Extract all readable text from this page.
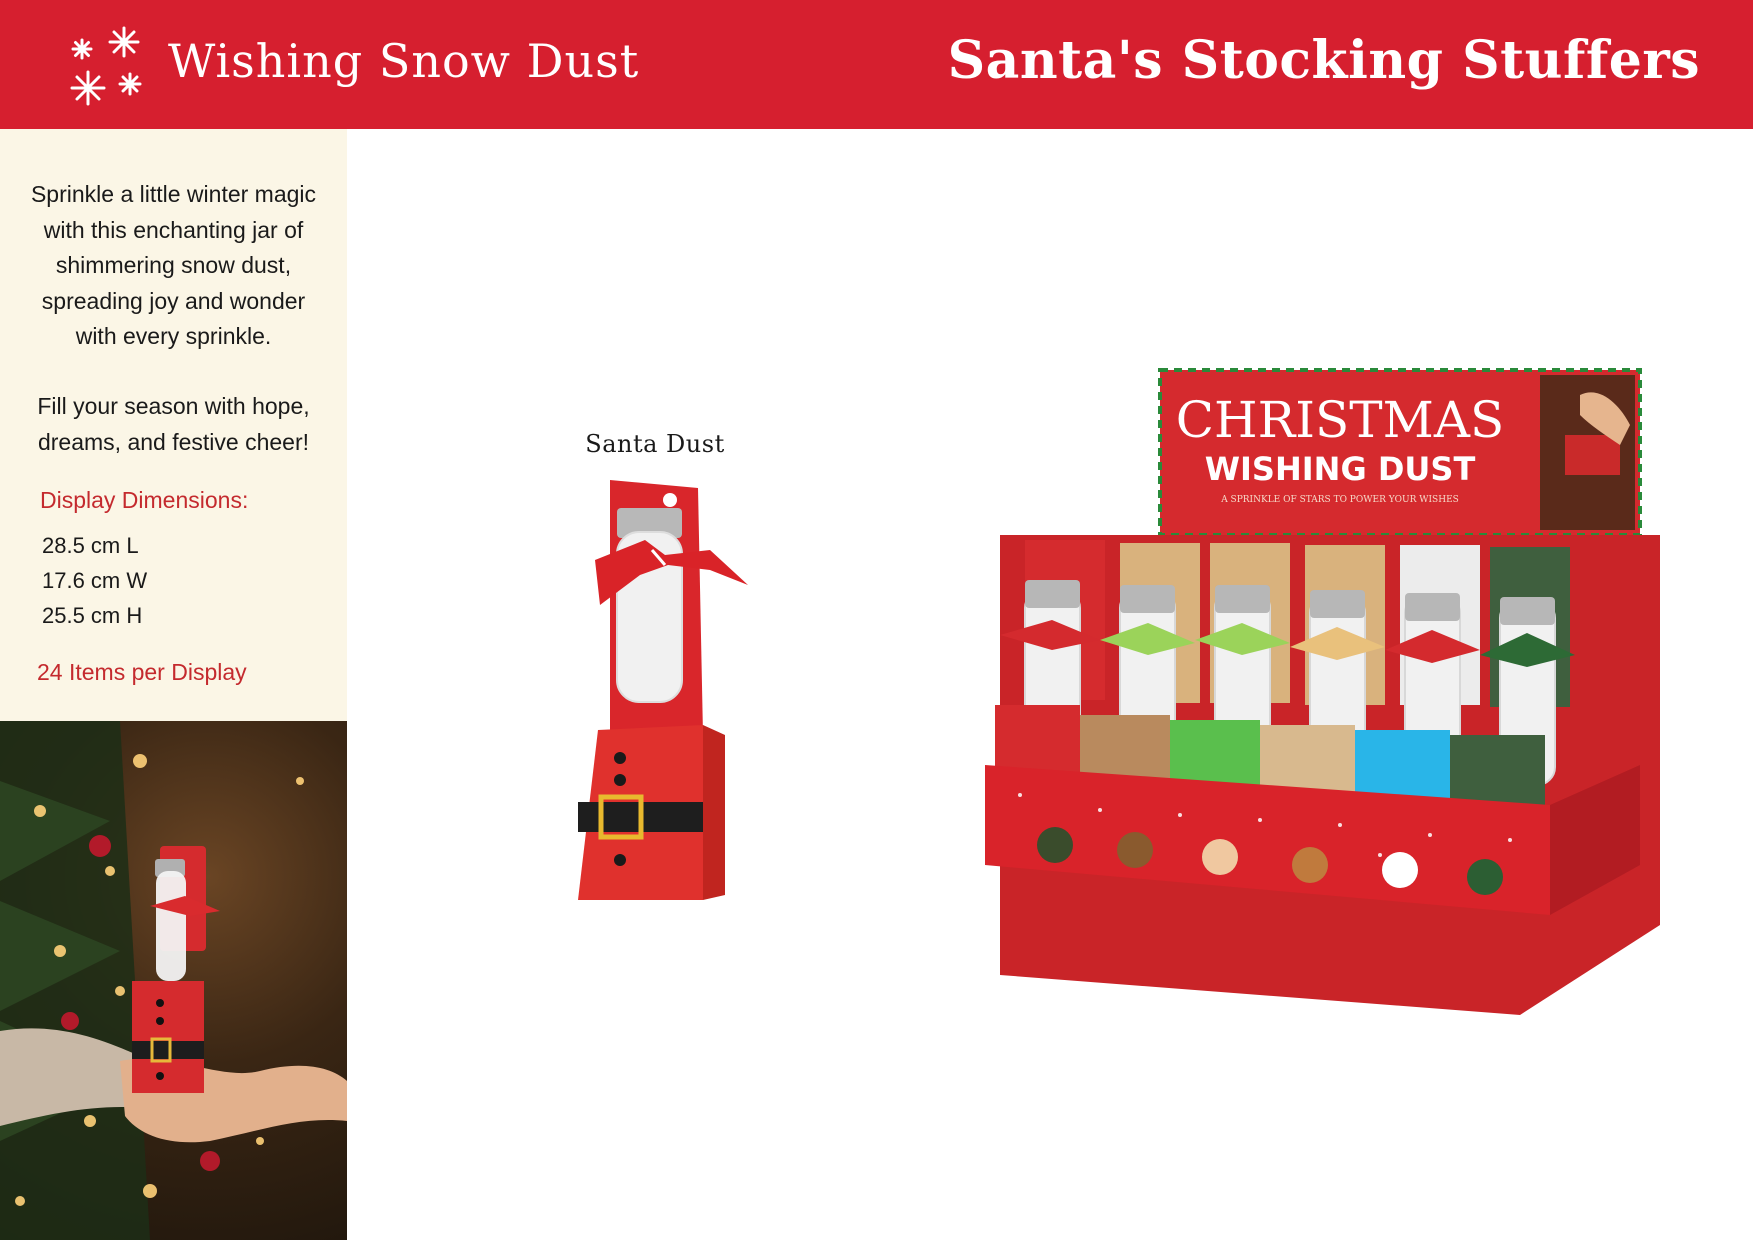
Wishing Snow Dust	Santa's Stocking Stuffers
Sprinkle a little winter magic
with this enchanting jar of
shimmering snow dust,
spreading joy and wonder
with every sprinkle.
Fill your season with hope,
dreams, and festive cheer!
Display Dimensions:
28.5 cm L
17.6 cm W
25.5 cm H
24 Items per Display
Santa Dust	CHRISTMAS
WISHING DUST
A SPRINKLE OF STARS TO POWER YOUR WISHES
